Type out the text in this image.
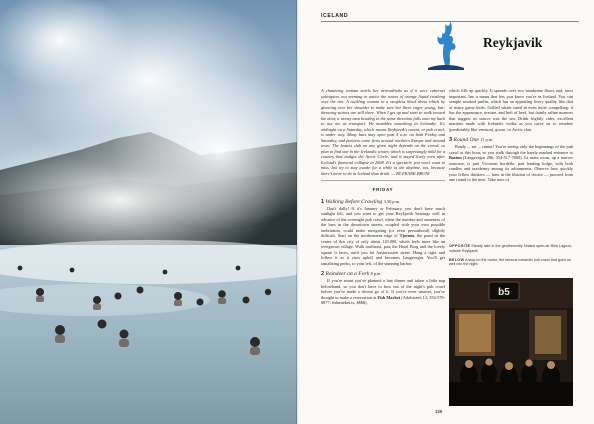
ICELAND
Reykjavik

A chattering woman swirls her arrowdrinks as if it were cabernet sauvignon, not seeming to notice the waves of orange liquid crashing over the rim. A cackling woman in a strapless black dress which by glancing over her shoulder to make sure her three eager young, bar-throwing suitors are still there. When I get up and start to walk toward the door, a woozy man heading in the same direction falls onto my back to use me as transport. He mumbles something in Icelandic. It's midnight on a Saturday, which means Reykjavik's runtur, or pub crawl, is under way. Many bars may open past 4 a.m. on both Friday and Saturday, and partiers come from around northern Europe and around town. The hottest club on any given night depends on the crowd, so plan to find one in the Icelandic winter, which is surprisingly mild for a country that nudges the Arctic Circle, and it stayed lively even after Iceland's financial collapse in 2008. It's a spectacle you won't want to miss, but try to stay awake for a while in the daytime, too, because there's more to do in Iceland than drink. — BY FRANK BRUNI

FRIDAY
1 Walking Before Crawling 3:30 p.m.

Don't dally! If it's January or February, you don't have much sunlight left, and you want to get your Reykjavik bearings well in advance of the overnight pub crawl, when the number and sameness of the bars in the downtown streets, coupled with your own possible inebriation, could make navigating (or even personhood) slightly difficult. Start on the northeastern edge of Tjornin, the pond in the center of this city of only about 120,000, which feels more like an overgrown village. Walk northeast, past the Hotel Borg and the lovely square it faces, until you hit Austurstraeti street. Hang a right and follow it as it rises uphill and becomes Laugavegur. You'll get tantalizing peeks, to your left, of the stunning harbor.

2 Reindeer on a Fork 8 p.m.

If you're smart you've planned a late dinner and taken a little nap beforehand, so you don't have to bow out of the night's pub crawl before you've made a decent go of it. If you're even smarter, you've thought to make a reservation at Fish Market (Adalstraeti 12; 354-578-8877; fishmarket.is; $$$$),

which fills up quickly. It spreads over two handsome floors and, most important, has a menu that lets you know you're in Iceland. You can sample smoked puffin, which has an appealing livery quality like that of many game birds. Grilled whale sated in even more compelling: it has the appearance, texture, and heft of beef, but faintly saline nuances that suggest its source was the sea. Drink frightly cider, excellent martinis made with Icelandic vodka as you carve on to reindeer (predictably like venison), goose, or Arctic char.

3 Round One 11 p.m.

Ready ... set ... runtur! You're seeing only the beginnings of the pub crawl at this hour, so you walk through the barely marked entrance to Boston (Laugavegur 28b; 354-517-7800). Its main room, up a narrow staircase, is part Victorian bordello, part lending lodge, with both candles and taxidermy among its adornments. Observe how quickly your fellow drinkers — later in the libation of choice — proceed from one round to the next. Take note of

OPPOSITE Steady lake in the geothermally heated open-air Blue Lagoon, outside Reykjavik.

BELOW A stop on the runtur, the famous Icelandic pub crawl that goes on well into the night.

b5
129
